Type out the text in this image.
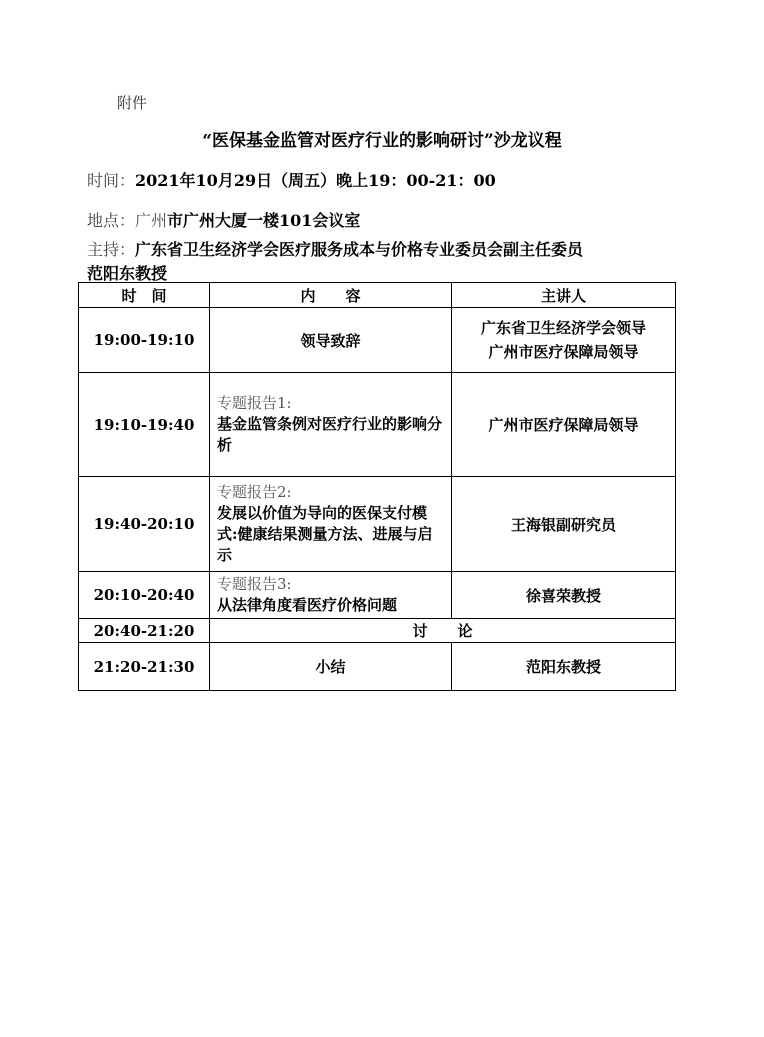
附件
“医保基金监管对医疗行业的影响研讨”沙龙议程
时间：2021年10月29日（周五）晚上19：00-21：00
地点：广州市广州大厦一楼101会议室
主持：广东省卫生经济学会医疗服务成本与价格专业委员会副主任委员
范阳东教授
时　间	内　　容	主讲人
19:00-19:10	领导致辞	广东省卫生经济学会领导
广州市医疗保障局领导

19:10-19:40	专题报告1:
基金监管条例对医疗行业的影响分析	广州市医疗保障局领导
19:40-20:10	专题报告2:
发展以价值为导向的医保支付模式:健康结果测量方法、进展与启示	王海银副研究员
20:10-20:40	专题报告3:
从法律角度看医疗价格问题	徐喜荣教授
20:40-21:20	讨　　论	
21:20-21:30	小结	范阳东教授
